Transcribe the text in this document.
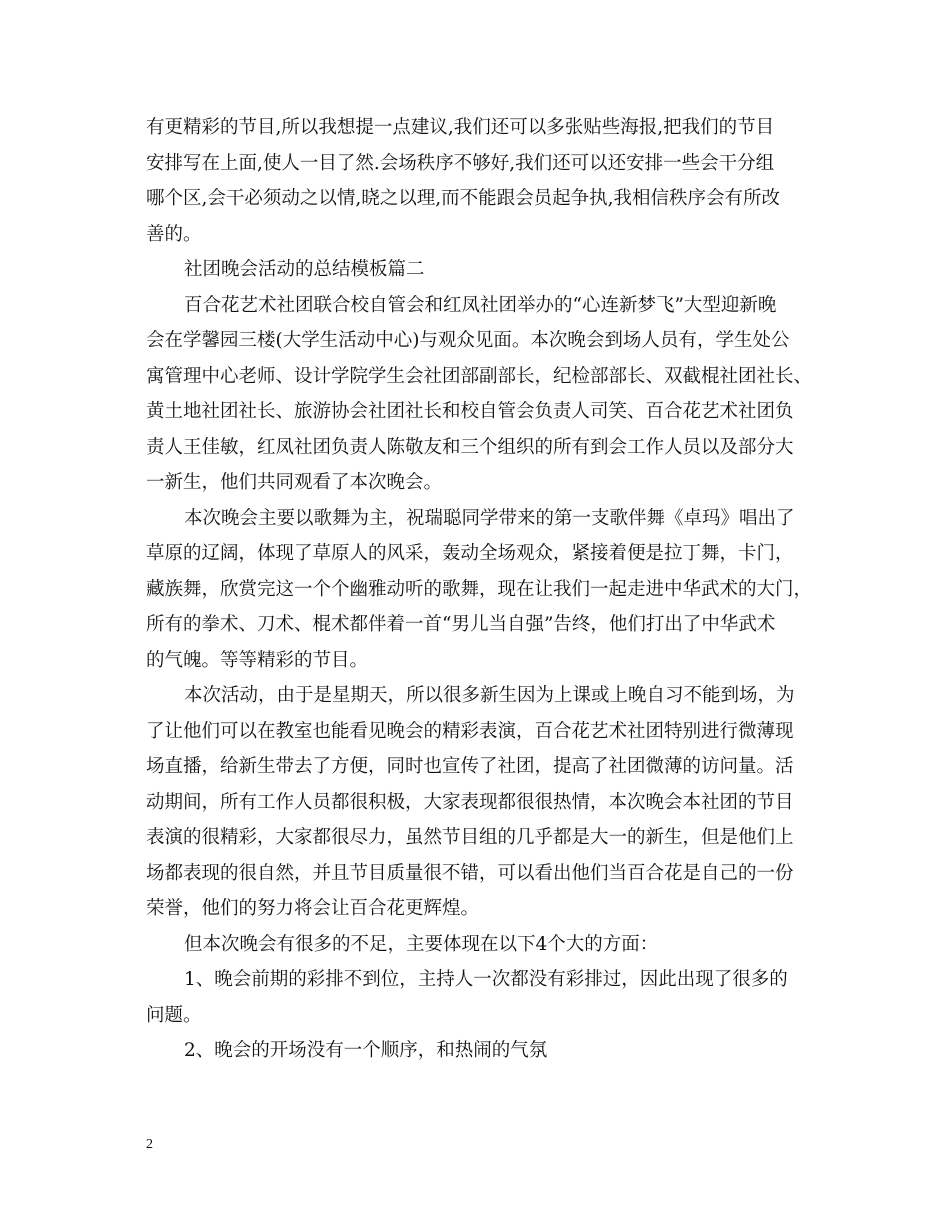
有更精彩的节目,所以我想提一点建议,我们还可以多张贴些海报,把我们的节目
安排写在上面,使人一目了然.会场秩序不够好,我们还可以还安排一些会干分组
哪个区,会干必须动之以情,晓之以理,而不能跟会员起争执,我相信秩序会有所改
善的。
社团晚会活动的总结模板篇二
百合花艺术社团联合校自管会和红凤社团举办的“心连新梦飞”大型迎新晚
会在学馨园三楼(大学生活动中心)与观众见面。本次晚会到场人员有，学生处公
寓管理中心老师、设计学院学生会社团部副部长，纪检部部长、双截棍社团社长、
黄土地社团社长、旅游协会社团社长和校自管会负责人司笑、百合花艺术社团负
责人王佳敏，红凤社团负责人陈敬友和三个组织的所有到会工作人员以及部分大
一新生，他们共同观看了本次晚会。
本次晚会主要以歌舞为主，祝瑞聪同学带来的第一支歌伴舞《卓玛》唱出了
草原的辽阔，体现了草原人的风采，轰动全场观众，紧接着便是拉丁舞，卡门，
藏族舞，欣赏完这一个个幽雅动听的歌舞，现在让我们一起走进中华武术的大门，
所有的拳术、刀术、棍术都伴着一首“男儿当自强”告终，他们打出了中华武术
的气魄。等等精彩的节目。
本次活动，由于是星期天，所以很多新生因为上课或上晚自习不能到场，为
了让他们可以在教室也能看见晚会的精彩表演，百合花艺术社团特别进行微薄现
场直播，给新生带去了方便，同时也宣传了社团，提高了社团微薄的访问量。活
动期间，所有工作人员都很积极，大家表现都很很热情，本次晚会本社团的节目
表演的很精彩，大家都很尽力，虽然节目组的几乎都是大一的新生，但是他们上
场都表现的很自然，并且节目质量很不错，可以看出他们当百合花是自己的一份
荣誉，他们的努力将会让百合花更辉煌。
但本次晚会有很多的不足，主要体现在以下4个大的方面：
1、晚会前期的彩排不到位，主持人一次都没有彩排过，因此出现了很多的
问题。
2、晚会的开场没有一个顺序，和热闹的气氛
2
